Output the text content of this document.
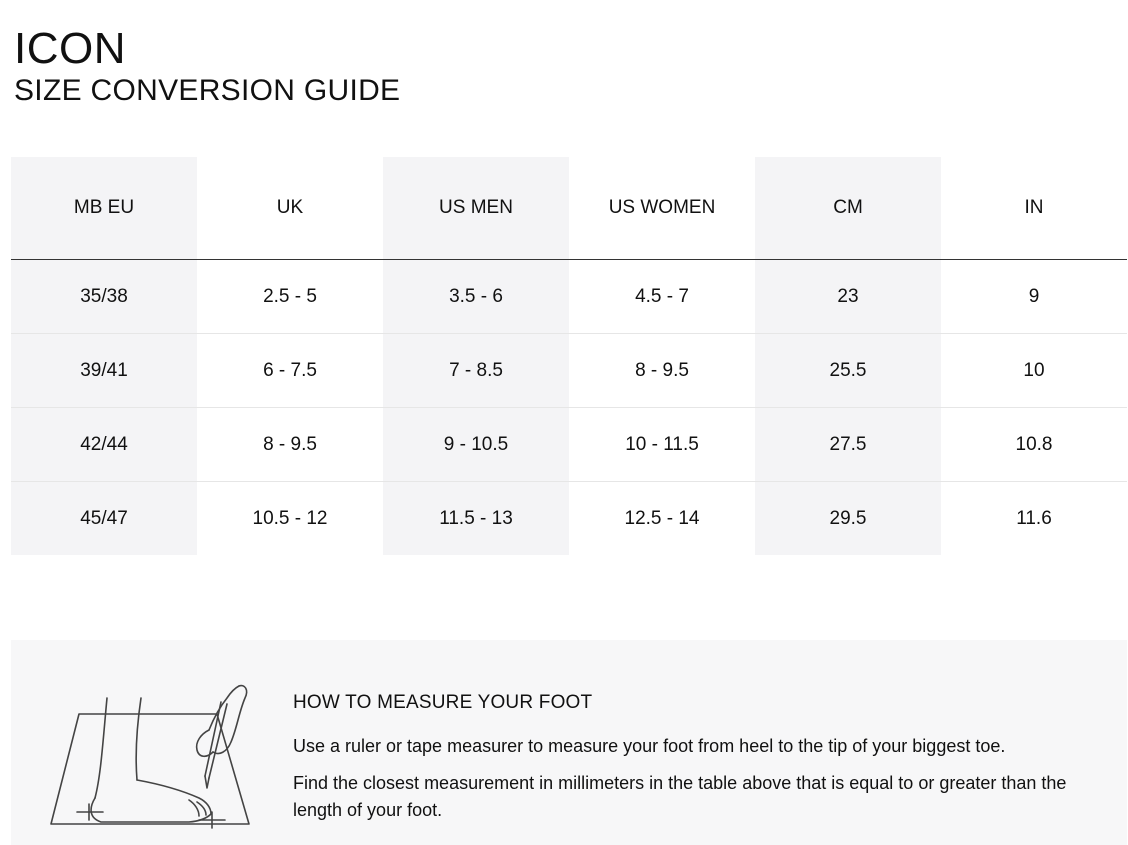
ICON
SIZE CONVERSION GUIDE
MB EU	UK	US MEN	US WOMEN	CM	IN
35/38	2.5 - 5	3.5 - 6	4.5 - 7	23	9
39/41	6 - 7.5	7 - 8.5	8 - 9.5	25.5	10
42/44	8 - 9.5	9 - 10.5	10 - 11.5	27.5	10.8
45/47	10.5 - 12	11.5 - 13	12.5 - 14	29.5	11.6
HOW TO MEASURE YOUR FOOT
Use a ruler or tape measurer to measure your foot from heel to the tip of your biggest toe.
Find the closest measurement in millimeters in the table above that is equal to or greater than the length of your foot.
